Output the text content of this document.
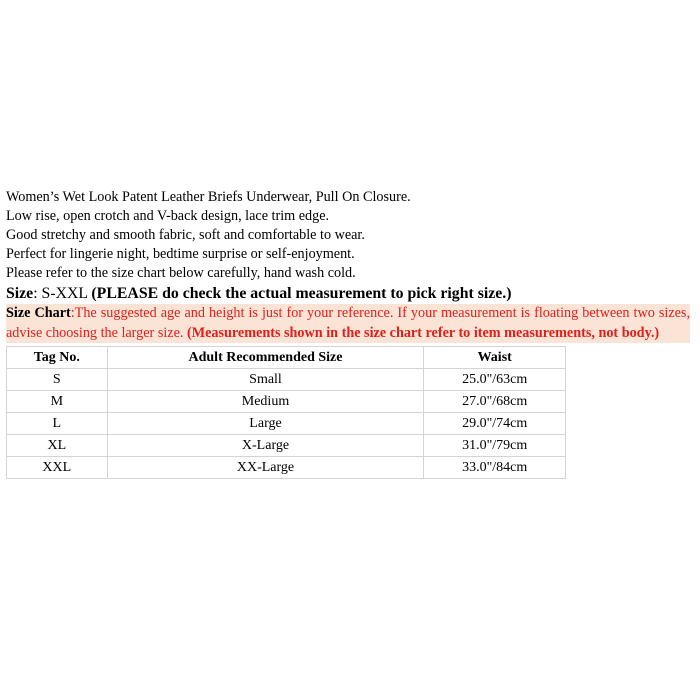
Women’s Wet Look Patent Leather Briefs Underwear, Pull On Closure.
Low rise, open crotch and V-back design, lace trim edge.
Good stretchy and smooth fabric, soft and comfortable to wear.
Perfect for lingerie night, bedtime surprise or self-enjoyment.
Please refer to the size chart below carefully, hand wash cold.
Size: S-XXL (PLEASE do check the actual measurement to pick right size.)
Size Chart:The suggested age and height is just for your reference. If your measurement is floating between two sizes, advise choosing the larger size. (Measurements shown in the size chart refer to item measurements, not body.)
Tag No.	Adult Recommended Size	Waist
S	Small	25.0"/63cm
M	Medium	27.0"/68cm
L	Large	29.0"/74cm
XL	X-Large	31.0"/79cm
XXL	XX-Large	33.0"/84cm
